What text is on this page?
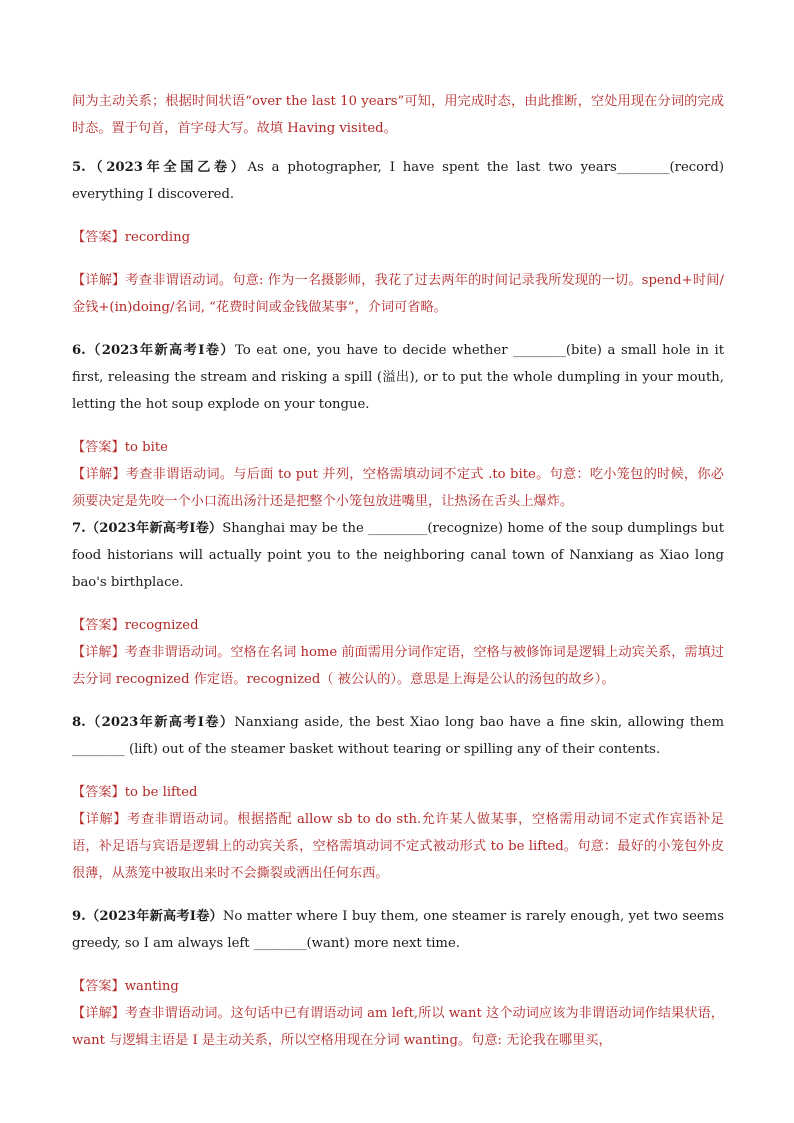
间为主动关系；根据时间状语“over the last 10 years”可知，用完成时态，由此推断，空处用现在分词的完成时态。置于句首，首字母大写。故填 Having visited。

5.（2023年全国乙卷）As a photographer, I have spent the last two years________(record) everything I discovered.

【答案】recording

【详解】考查非谓语动词。句意: 作为一名摄影师，我花了过去两年的时间记录我所发现的一切。spend+时间/金钱+(in)doing/名词, “花费时间或金钱做某事”，介词可省略。

6.（2023年新高考I卷）To eat one, you have to decide whether ________(bite) a small hole in it first, releasing the stream and risking a spill (溢出), or to put the whole dumpling in your mouth, letting the hot soup explode on your tongue.

【答案】to bite

【详解】考查非谓语动词。与后面 to put 并列，空格需填动词不定式 .to bite。句意：吃小笼包的时候，你必须要决定是先咬一个小口流出汤汁还是把整个小笼包放进嘴里，让热汤在舌头上爆炸。

7.（2023年新高考I卷）Shanghai may be the _________(recognize) home of the soup dumplings but food historians will actually point you to the neighboring canal town of Nanxiang as Xiao long bao's birthplace.

【答案】recognized

【详解】考查非谓语动词。空格在名词 home 前面需用分词作定语，空格与被修饰词是逻辑上动宾关系，需填过去分词 recognized 作定语。recognized（ 被公认的）。意思是上海是公认的汤包的故乡）。

8.（2023年新高考I卷）Nanxiang aside, the best Xiao long bao have a fine skin, allowing them ________ (lift) out of the steamer basket without tearing or spilling any of their contents.

【答案】to be lifted

【详解】考查非谓语动词。根据搭配 allow sb to do sth.允许某人做某事，空格需用动词不定式作宾语补足语，补足语与宾语是逻辑上的动宾关系，空格需填动词不定式被动形式 to be lifted。句意：最好的小笼包外皮很薄，从蒸笼中被取出来时不会撕裂或洒出任何东西。

9.（2023年新高考I卷）No matter where I buy them, one steamer is rarely enough, yet two seems greedy, so I am always left ________(want) more next time.

【答案】wanting

【详解】考查非谓语动词。这句话中已有谓语动词 am left,所以 want 这个动词应该为非谓语动词作结果状语，want 与逻辑主语是 I 是主动关系，所以空格用现在分词 wanting。句意: 无论我在哪里买，
